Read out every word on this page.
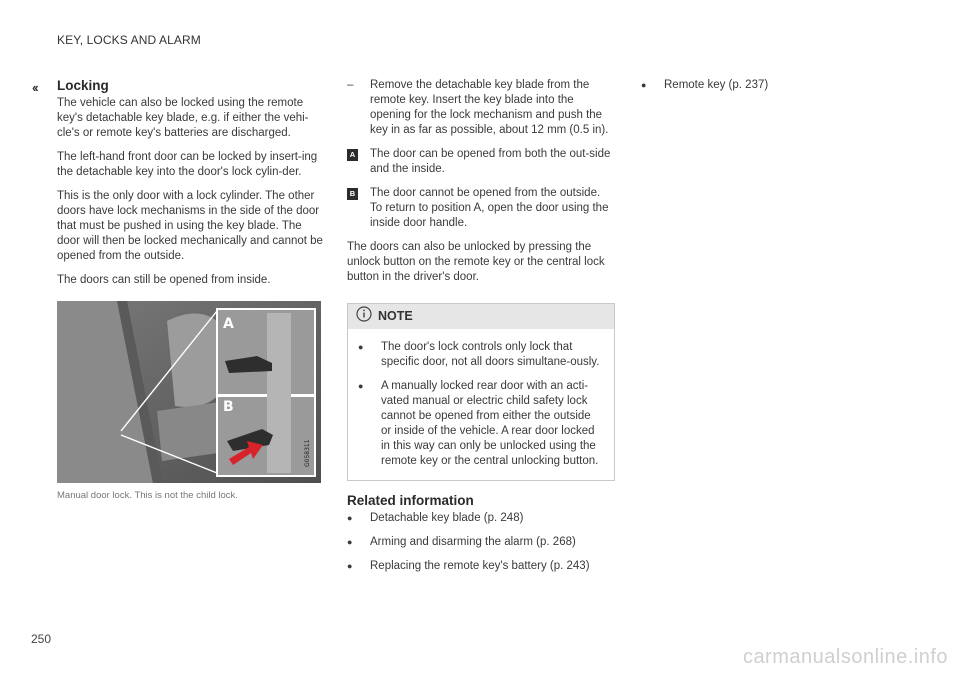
KEY, LOCKS AND ALARM
‹‹ Locking

The vehicle can also be locked using the remote key's detachable key blade, e.g. if either the vehi-cle's or remote key's batteries are discharged.

The left-hand front door can be locked by insert-ing the detachable key into the door's lock cylin-der.

This is the only door with a lock cylinder. The other doors have lock mechanisms in the side of the door that must be pushed in using the key blade. The door will then be locked mechanically and cannot be opened from the outside.

The doors can still be opened from inside.

A
B
G058311
Manual door lock. This is not the child lock.
–	Remove the detachable key blade from the remote key. Insert the key blade into the opening for the lock mechanism and push the key in as far as possible, about 12 mm (0.5 in).
A The door can be opened from both the out-side and the inside.
B The door cannot be opened from the outside. To return to position A, open the door using the inside door handle.

The doors can also be unlocked by pressing the unlock button on the remote key or the central lock button in the driver's door.

NOTE
●	The door's lock controls only lock that specific door, not all doors simultane-ously.
●	A manually locked rear door with an acti-vated manual or electric child safety lock cannot be opened from either the outside or inside of the vehicle. A rear door locked in this way can only be unlocked using the remote key or the central unlocking button.
Related information
●	Detachable key blade (p. 248)
●	Arming and disarming the alarm (p. 268)
●	Replacing the remote key's battery (p. 243)
●	Remote key (p. 237)
250
carmanualsonline.info
